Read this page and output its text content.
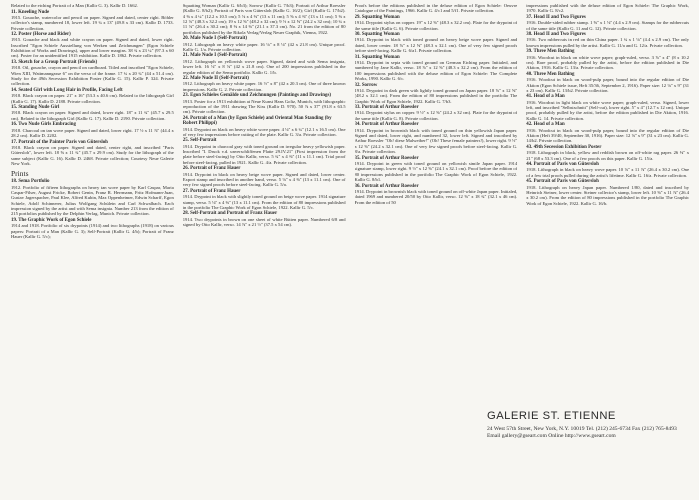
Related to the etching Portrait of a Man (Kallir G. 3). Kallir D. 1662.
11. Kneeling Nude
1915. Gouache, watercolor and pencil on paper. Signed and dated, center right. Böhler collector's stamp, numbered 18, lower left. 19 ¾ x 13" (49.8 x 33 cm). Kallir D. 1733. Private collection.
12. Poster (Horse and Rider)
1915. Gouache and black and white crayon on paper. Signed and dated, lower right. Inscribed "Egon Schiele Ausstellung von Werken und Zeichnungen" (Egon Schiele Exhibition of Works and Drawings), upper and lower margins. 38 ¾ x 23 ¼" (97.3 x 60 cm). Poster for an unidentified 1915 exhibition. Kallir D. 1862. Private collection.
13. Sketch for a Group Portrait (Friends)
1918. Oil, gouache, crayon and pencil on cardboard. Titled and inscribed "Egon Schiele, Wien XIII, Wattmanngasse 6" on the verso of the frame. 17 ¾ x 20 ¾" (44 x 51.4 cm). Study for the 49th Secession Exhibition Poster (Kallir G. 15). Kallir P. 324. Private collection.
14. Seated Girl with Long Hair in Profile, Facing Left
1918. Black crayon on paper. 21" x 16" (53.3 x 40.6 cm). Related to the lithograph Girl (Kallir G. 17). Kallir D. 2188. Private collection.
15. Standing Nude Girl
1918. Black crayon on paper. Signed and dated, lower right. 18" x 11 ¾" (45.7 x 29.5 cm). Related to the lithograph Girl (Kallir G. 17). Kallir D. 2190. Private collection.
16. Two Nude Girls Embracing
1918. Charcoal on tan wove paper. Signed and dated, lower right. 17 ½ x 11 ⅞" (44.4 x 28.2 cm). Kallir D. 2202.
17. Portrait of the Painter Paris von Gütersloh
1918. Black crayon on paper. Signed and dated, center right, and inscribed "Paris Gütersloh", lower left. 18 ⅝ x 11 ¾" (45.7 x 29.9 cm). Study for the lithograph of the same subject (Kallir G. 16). Kallir D. 2468. Private collection; Courtesy Neue Galerie New York.
Prints
18. Sema Portfolio
1912. Portfolio of fifteen lithographs on heavy tan wove paper by Karl Caspar, Maria Caspar-Filser, August Fricke, Robert Genin, Franz R. Herrmann, Fritz Hofmann-Juan, Gustav Jagerspacher, Paul Klee, Alfred Kubin, Max Oppenheimer, Edwin Scharff, Egon Schiele, Adolf Schinnerer, Julius Wolfgang Schülein and Carl Schwalbach. Each impression signed by the artist and with Sema insignia. Number 213 from the edition of 215 portfolios published by the Delphin Verlag, Munich. Private collection.
19. The Graphic Work of Egon Schiele
1914 and 1918. Portfolio of six drypoints (1914) and two lithographs (1918) on various papers: Portrait of a Man (Kallir G. 3); Self-Portrait (Kallir G. 4/b); Portrait of Franz Hauer (Kallir G. 5/c);
Squatting Woman (Kallir G. 6/b3); Sorrow (Kallir G. 7/b3); Portrait of Arthur Roessler (Kallir G. 8/b2); Portrait of Paris von Gütersloh (Kallir G. 16/2); Girl (Kallir G. 17/b2). 4 ⅜ x 4 ¼" (12.2 x 10.5 cm); 5 ⅛ x 4 ⅜" (13 x 11 cm); 5 ⅝ x 4 ⅜" (13 x 11 cm); 5 ⅜ x 12 ⅛" (48.3 x 32.2 cm); 19 x 12 ⅝" (48.2 x 32 cm); 9 ½ x 12 ⅝" (24.2 x 32 cm); 10 ¾ x 11 ⅛" (26.4 x 30.2 cm); 8 ⅜ x 14 ⅜" (21.1 x 37.3 cm). No. 21 from the edition of 80 portfolios published by the Rikola Verlag/Verlag Neuer Graphik, Vienna, 1922.
20. Male Nude I (Self-Portrait)
1912. Lithograph on heavy white paper. 16 ⅛" x 8 ⅛" (42 x 21.8 cm). Unique proof. Kallir G. 1/a. Private collection.
21. Male Nude I (Self-Portrait)
1912. Lithograph on yellowish wove paper. Signed, dated and with Sema insignia, lower left. 16 ⅛" x 8 ⅛" (42 x 21.8 cm). One of 200 impressions published in the regular edition of the Sema portfolio. Kallir G. 1/b.
22. Male Nude II (Self-Portrait)
1912. Lithograph on heavy white paper. 16 ½" x 8" (42 x 20.3 cm). One of three known impressions. Kallir G. 2. Private collection.
23. Egon Schieles Gemälde und Zeichnungen (Paintings and Drawings)
1913. Poster for a 1913 exhibition at Neue Kunst Hans Goltz, Munich, with lithographic reproduction of the 1911 drawing The Kiss (Kallir D. 970). 50 ⅞ x 37" (91.8 x 63.5 cm). Private collection.
24. Portrait of a Man (by Egon Schiele) and Oriental Man Standing (by Robert Philippi)
1914. Drypoint on black on heavy white wove paper. 4 ⅛" x 6 ¾" (12.1 x 16.5 cm). One of very few impressions before cutting of the plate. Kallir G. 3/a. Private collection.
25. Self-Portrait
1914. Drypoint in charcoal gray with toned ground on irregular heavy yellowish paper. Inscribed "I. Druck v.d. unverschliffenen Platte 29.IV.21" (First impression from the plate before steel-facing) by Otto Kallir, verso. 5 ¾" x 4 ⅜" (11 x 11.1 cm). Trial proof before steel-facing, pulled in 1921. Kallir G. 4/a. Private collection.
26. Portrait of Franz Hauer
1914. Drypoint in black on heavy beige wove paper. Signed and dated, lower center. Export stamp and inscribed in another hand, verso. 5 ⅛" x 4 ⅜" (13 x 11.1 cm). One of very few signed proofs before steel-facing. Kallir G. 5/a.
27. Portrait of Franz Hauer
1914. Drypoint in black with slightly toned ground on beige wove paper. 1914 signature stamp, verso. 5 ⅛" x 4 ⅜" (13 x 11.1 cm). From the edition of 80 impressions published in the portfolio The Graphic Work of Egon Schiele, 1922. Kallir G. 5/c.
28. Self-Portrait and Portrait of Franz Hauer
1914. Two drypoints in brown on one sheet of white Bütten paper. Numbered 6/8 and signed by Otto Kallir, verso. 14 ⅞" x 21 ½" (37.5 x 54 cm).
Proofs before the editions published in the deluxe edition of Egon Schiele: Oeuvre Catalogue of the Paintings, 1966. Kallir G. 4/c1 and 5/f1. Private collection.
29. Squatting Woman
1914. Drypoint stylus on copper. 19" x 12 ⅝" (48.3 x 32.2 cm). Plate for the drypoint of the same title (Kallir G. 6). Private collection.
30. Squatting Woman
1914. Drypoint in black with toned ground on heavy beige wove paper. Signed and dated, lower center. 18 ⅞" x 12 ⅝" (48.3 x 32.1 cm). One of very few signed proofs before steel-facing. Kallir G. 6/a1. Private collection.
31. Squatting Woman
1914. Drypoint in sepia with toned ground on German Etching paper. Initialed, and numbered by Jane Kallir, verso. 18 ⅞" x 12 ⅝" (48.3 x 32.2 cm). From the edition of 100 impressions published with the deluxe edition of Egon Schiele: The Complete Works, 1990. Kallir G. 6/c.
32. Sorrow
1914. Drypoint in dark green with lightly toned ground on Japan paper. 18 ⅞" x 12 ⅝" (48.2 x 32.1 cm). From the edition of 80 impressions published in the portfolio The Graphic Work of Egon Schiele, 1922. Kallir G. 7/b3.
33. Portrait of Arthur Roessler
1914. Drypoint stylus on copper. 9 ½" x 12 ⅝" (24.2 x 32 cm). Plate for the drypoint of the same title (Kallir G. 8). Private collection.
34. Portrait of Arthur Roessler
1914. Drypoint in brownish black with toned ground on thin yellowish Japan paper. Signed and dated, lower right, and numbered 32, lower left. Signed and inscribed by Arthur Roessler "Oh! diese Malweiber!" (Oh! These female painters!), lower right. 9 ½" x 12 ⅝" (24.2 x 32.1 cm). One of very few signed proofs before steel-facing. Kallir G. 8/a. Private collection.
35. Portrait of Arthur Roessler
1914. Drypoint in green with toned ground on yellowish simile Japan paper. 1914 signature stamp, lower right. 9 ½" x 12 ⅝" (24.1 x 32.1 cm). Proof before the edition of 80 impressions published in the portfolio The Graphic Work of Egon Schiele, 1922. Kallir G. 8/b1.
36. Portrait of Arthur Roessler
1914. Drypoint in brownish black with toned ground on off-white Japan paper. Initialed, dated 1969 and numbered 20/50 by Otto Kallir, verso. 12 ⅝" x 18 ¾" (32.1 x 46 cm). From the edition of 50
impressions published with the deluxe edition of Egon Schiele: The Graphic Work, 1970. Kallir G. 8/c2.
37. Head II and Two Figures
1916. Double-sided rubber stamp. 1 ⅝" x 1 ⅛" (4.4 x 2.9 cm). Stamps for the rubbercuts of the same title (Kallir G. 11 and G. 12). Private collection.
38. Head II and Two Figures
1916. Two rubbercuts in red on thin China paper. 1 ¾ x 1 ⅛" (4.4 x 2.9 cm). The only known impressions pulled by the artist. Kallir G. 11/a and G. 12/a. Private collection.
39. Three Men Bathing
1916. Woodcut in black on white wove paper; graph-ruled, verso. 3 ⅞" x 4" (8 x 10.2 cm). Rare proof, probably pulled by the artist, before the edition published in Die Aktion, 1916. Kallir G. 13/a. Private collection.
40. Three Men Bathing
1916. Woodcut in black on wood-pulp paper, bound into the regular edition of Die Aktion (Egon Schiele issue, Heft 35/36, September 2, 1916). Paper size: 12 ⅛" x 9" (31 x 23 cm). Kallir G. 13/b2. Private collection.
41. Head of a Man
1916. Woodcut in light black on white wove paper; graph-ruled, verso. Signed, lower left, and inscribed "Selbstschnitt" (Self-cut), lower right. 5" x 4" (12.7 x 12 cm). Unique proof, probably pulled by the artist, before the edition published in Die Aktion, 1916. Kallir G. 14. Private collection.
42. Head of a Man
1916. Woodcut in black on wood-pulp paper, bound into the regular edition of Die Aktion (Heft 39/40, September 30, 1916). Paper size: 12 ⅛" x 9" (31 x 23 cm). Kallir G. 14/b2. Private collection.
43. 49th Secession Exhibition Poster
1918. Lithograph in black, yellow and reddish brown on off-white rag paper. 26 ⅜" x 21" (68 x 53.3 cm). One of a few proofs on this paper. Kallir G. 15/a.
44. Portrait of Paris von Gütersloh
1918. Lithograph in black on heavy wove paper. 10 ⅛" x 11 ⅞" (26.4 x 30.2 cm). One of a few trial proofs pulled during the artist's lifetime. Kallir G. 16/a. Private collection.
45. Portrait of Paris von Gütersloh
1918. Lithograph on heavy Japan paper. Numbered 1/80, dated and inscribed by Heinrich Steiner, lower center. Steiner collector's stamp, lower left. 10 ⅝" x 11 ⅞" (26.4 x 30.2 cm). From the edition of 80 impressions published in the portfolio The Graphic Work of Egon Schiele, 1922. Kallir G. 16/b.
GALERIE ST. ETIENNE
24 West 57th Street, New York, N.Y. 10019 Tel. (212) 245-6734 Fax (212) 765-8493
Email gallery@gseart.com Online http://www.gseart.com
